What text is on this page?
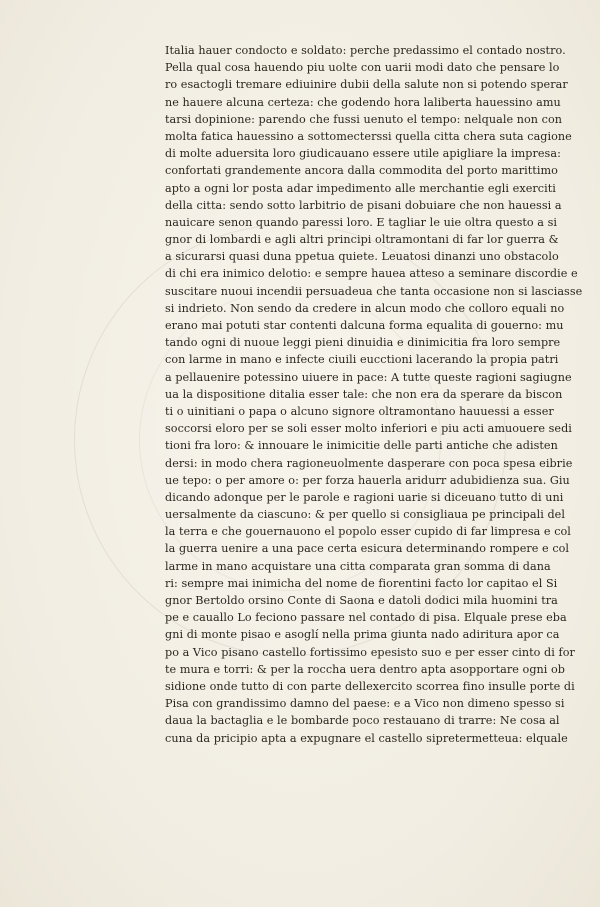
Italia hauer condocto e soldato: perche predassimo el contado nostro.
Pella qual cosa hauendo piu uolte con uarii modi dato che pensare lo
ro esactogli tremare ediuinire dubii della salute non si potendo sperar
ne hauere alcuna certeza: che godendo hora laliberta hauessino amu
tarsi dopinione: parendo che fussi uenuto el tempo: nelquale non con
molta fatica hauessino a sottomecterssi quella citta chera suta cagione
di molte aduersita loro giudicauano essere utile apigliare la impresa:
confortati grandemente ancora dalla commodita del porto marittimo
apto a ogni lor posta adar impedimento alle merchantie egli exerciti
della citta: sendo sotto larbitrio de pisani dobuiare che non hauessi a
nauicare senon quando paressi loro. E tagliar le uie oltra questo a si
gnor di lombardi e agli altri principi oltramontani di far lor guerra &
a sicurarsi quasi duna ppetua quiete. Leuatosi dinanzi uno obstacolo
di chi era inimico delotio: e sempre hauea atteso a seminare discordie e
suscitare nuoui incendii persuadeua che tanta occasione non si lasciasse
si indrieto. Non sendo da credere in alcun modo che colloro equali no
erano mai potuti star contenti dalcuna forma equalita di gouerno: mu
tando ogni di nuoue leggi pieni dinuidia e dinimicitia fra loro sempre
con larme in mano e infecte ciuili eucctioni lacerando la propia patri
a pellauenire potessino uiuere in pace: A tutte queste ragioni sagiugne
ua la dispositione ditalia esser tale: che non era da sperare da biscon
ti o uinitiani o papa o alcuno signore oltramontano hauuessi a esser
soccorsi eloro per se soli esser molto inferiori e piu acti amuouere sedi
tioni fra loro: & innouare le inimicitie delle parti antiche che adisten
dersi: in modo chera ragioneuolmente dasperare con poca spesa eibrie
ue tepo: o per amore o: per forza hauerla aridurr adubidienza sua. Giu
dicando adonque per le parole e ragioni uarie si diceuano tutto di uni
uersalmente da ciascuno: & per quello si consigliaua pe principali del
la terra e che gouernauono el popolo esser cupido di far limpresa e col
la guerra uenire a una pace certa esicura determinando rompere e col
larme in mano acquistare una citta comparata gran somma di dana
ri: sempre mai inimicha del nome de fiorentini facto lor capitao el Si
gnor Bertoldo orsino Conte di Saona e datoli dodici mila huomini tra
pe e cauallo Lo feciono passare nel contado di pisa. Elquale prese eba
gni di monte pisao e asoglí nella prima giunta nado adiritura apor ca
po a Vico pisano castello fortissimo epesisto suo e per esser cinto di for
te mura e torri: & per la roccha uera dentro apta asopportare ogni ob
sidione onde tutto di con parte dellexercito scorrea fino insulle porte di
Pisa con grandissimo damno del paese: e a Vico non dimeno spesso si
daua la bactaglia e le bombarde poco restauano di trarre: Ne cosa al
cuna da pricipio apta a expugnare el castello sipretermetteua: elquale
